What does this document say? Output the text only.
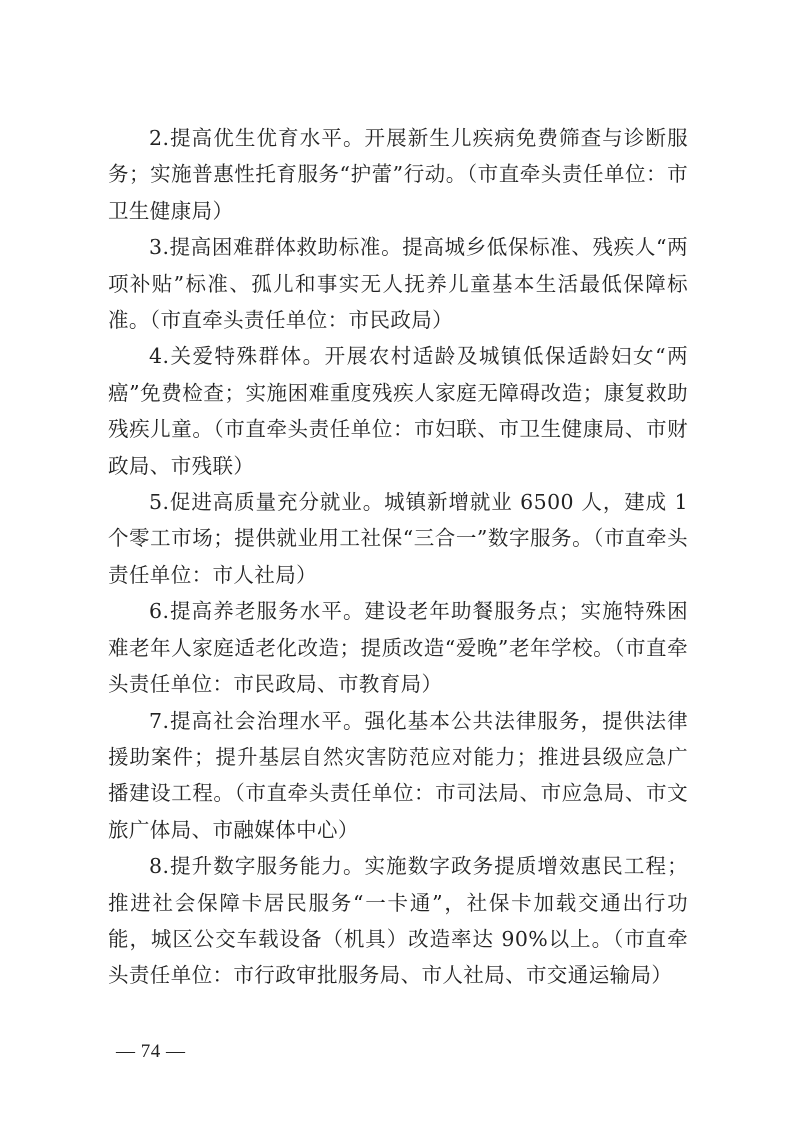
2.提高优生优育水平。开展新生儿疾病免费筛查与诊断服务；实施普惠性托育服务“护蕾”行动。（市直牵头责任单位：市卫生健康局）

3.提高困难群体救助标准。提高城乡低保标准、残疾人“两项补贴”标准、孤儿和事实无人抚养儿童基本生活最低保障标准。（市直牵头责任单位：市民政局）

4.关爱特殊群体。开展农村适龄及城镇低保适龄妇女“两癌”免费检查；实施困难重度残疾人家庭无障碍改造；康复救助残疾儿童。（市直牵头责任单位：市妇联、市卫生健康局、市财政局、市残联）

5.促进高质量充分就业。城镇新增就业 6500 人，建成 1 个零工市场；提供就业用工社保“三合一”数字服务。（市直牵头责任单位：市人社局）

6.提高养老服务水平。建设老年助餐服务点；实施特殊困难老年人家庭适老化改造；提质改造“爱晚”老年学校。（市直牵头责任单位：市民政局、市教育局）

7.提高社会治理水平。强化基本公共法律服务，提供法律援助案件；提升基层自然灾害防范应对能力；推进县级应急广播建设工程。（市直牵头责任单位：市司法局、市应急局、市文旅广体局、市融媒体中心）

8.提升数字服务能力。实施数字政务提质增效惠民工程；推进社会保障卡居民服务“一卡通”，社保卡加载交通出行功能，城区公交车载设备（机具）改造率达 90%以上。（市直牵头责任单位：市行政审批服务局、市人社局、市交通运输局）

— 74 —
